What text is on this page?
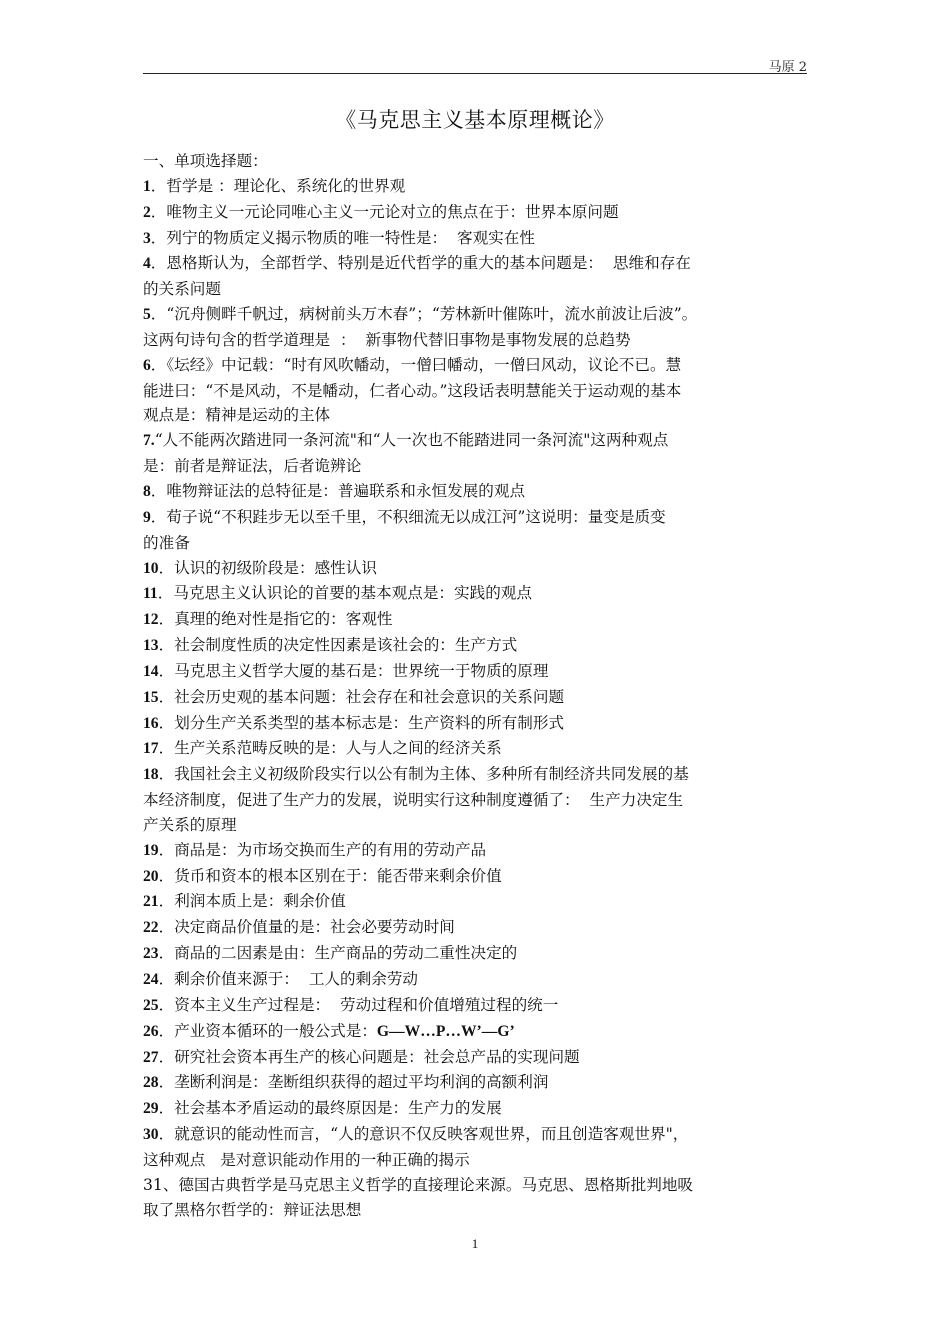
马原 2
《马克思主义基本原理概论》
一、单项选择题：
1．哲学是 ：理论化、系统化的世界观
2．唯物主义一元论同唯心主义一元论对立的焦点在于：世界本原问题
3．列宁的物质定义揭示物质的唯一特性是：  客观实在性
4．恩格斯认为，全部哲学、特别是近代哲学的重大的基本问题是：  思维和存在
的关系问题
5．“沉舟侧畔千帆过，病树前头万木春”；“芳林新叶催陈叶，流水前波让后波”。
这两句诗句含的哲学道理是  ：  新事物代替旧事物是事物发展的总趋势
6．《坛经》中记载：“时有风吹幡动，一僧曰幡动，一僧曰风动，议论不已。慧
能进曰：“不是风动，不是幡动，仁者心动。”这段话表明慧能关于运动观的基本
观点是：精神是运动的主体
7.“人不能两次踏进同一条河流"和“人一次也不能踏进同一条河流"这两种观点
是：前者是辩证法，后者诡辨论
8．唯物辩证法的总特征是：普遍联系和永恒发展的观点
9．荀子说“不积跬步无以至千里，不积细流无以成江河”这说明：量变是质变
的准备
10．认识的初级阶段是：感性认识
11．马克思主义认识论的首要的基本观点是：实践的观点
12．真理的绝对性是指它的：客观性
13．社会制度性质的决定性因素是该社会的：生产方式
14．马克思主义哲学大厦的基石是：世界统一于物质的原理
15．社会历史观的基本问题：社会存在和社会意识的关系问题
16．划分生产关系类型的基本标志是：生产资料的所有制形式
17．生产关系范畴反映的是：人与人之间的经济关系
18．我国社会主义初级阶段实行以公有制为主体、多种所有制经济共同发展的基
本经济制度，促进了生产力的发展，说明实行这种制度遵循了：  生产力决定生
产关系的原理
19．商品是：为市场交换而生产的有用的劳动产品
20．货币和资本的根本区别在于：能否带来剩余价值
21．利润本质上是：剩余价值
22．决定商品价值量的是：社会必要劳动时间
23．商品的二因素是由：生产商品的劳动二重性决定的
24．剩余价值来源于：  工人的剩余劳动
25．资本主义生产过程是：  劳动过程和价值增殖过程的统一
26．产业资本循环的一般公式是：G—W…P…W’—G’
27．研究社会资本再生产的核心问题是：社会总产品的实现问题
28．垄断利润是：垄断组织获得的超过平均利润的高额利润
29．社会基本矛盾运动的最终原因是：生产力的发展
30．就意识的能动性而言，“人的意识不仅反映客观世界，而且创造客观世界"，
这种观点   是对意识能动作用的一种正确的揭示
31、德国古典哲学是马克思主义哲学的直接理论来源。马克思、恩格斯批判地吸
取了黑格尔哲学的：辩证法思想
1
